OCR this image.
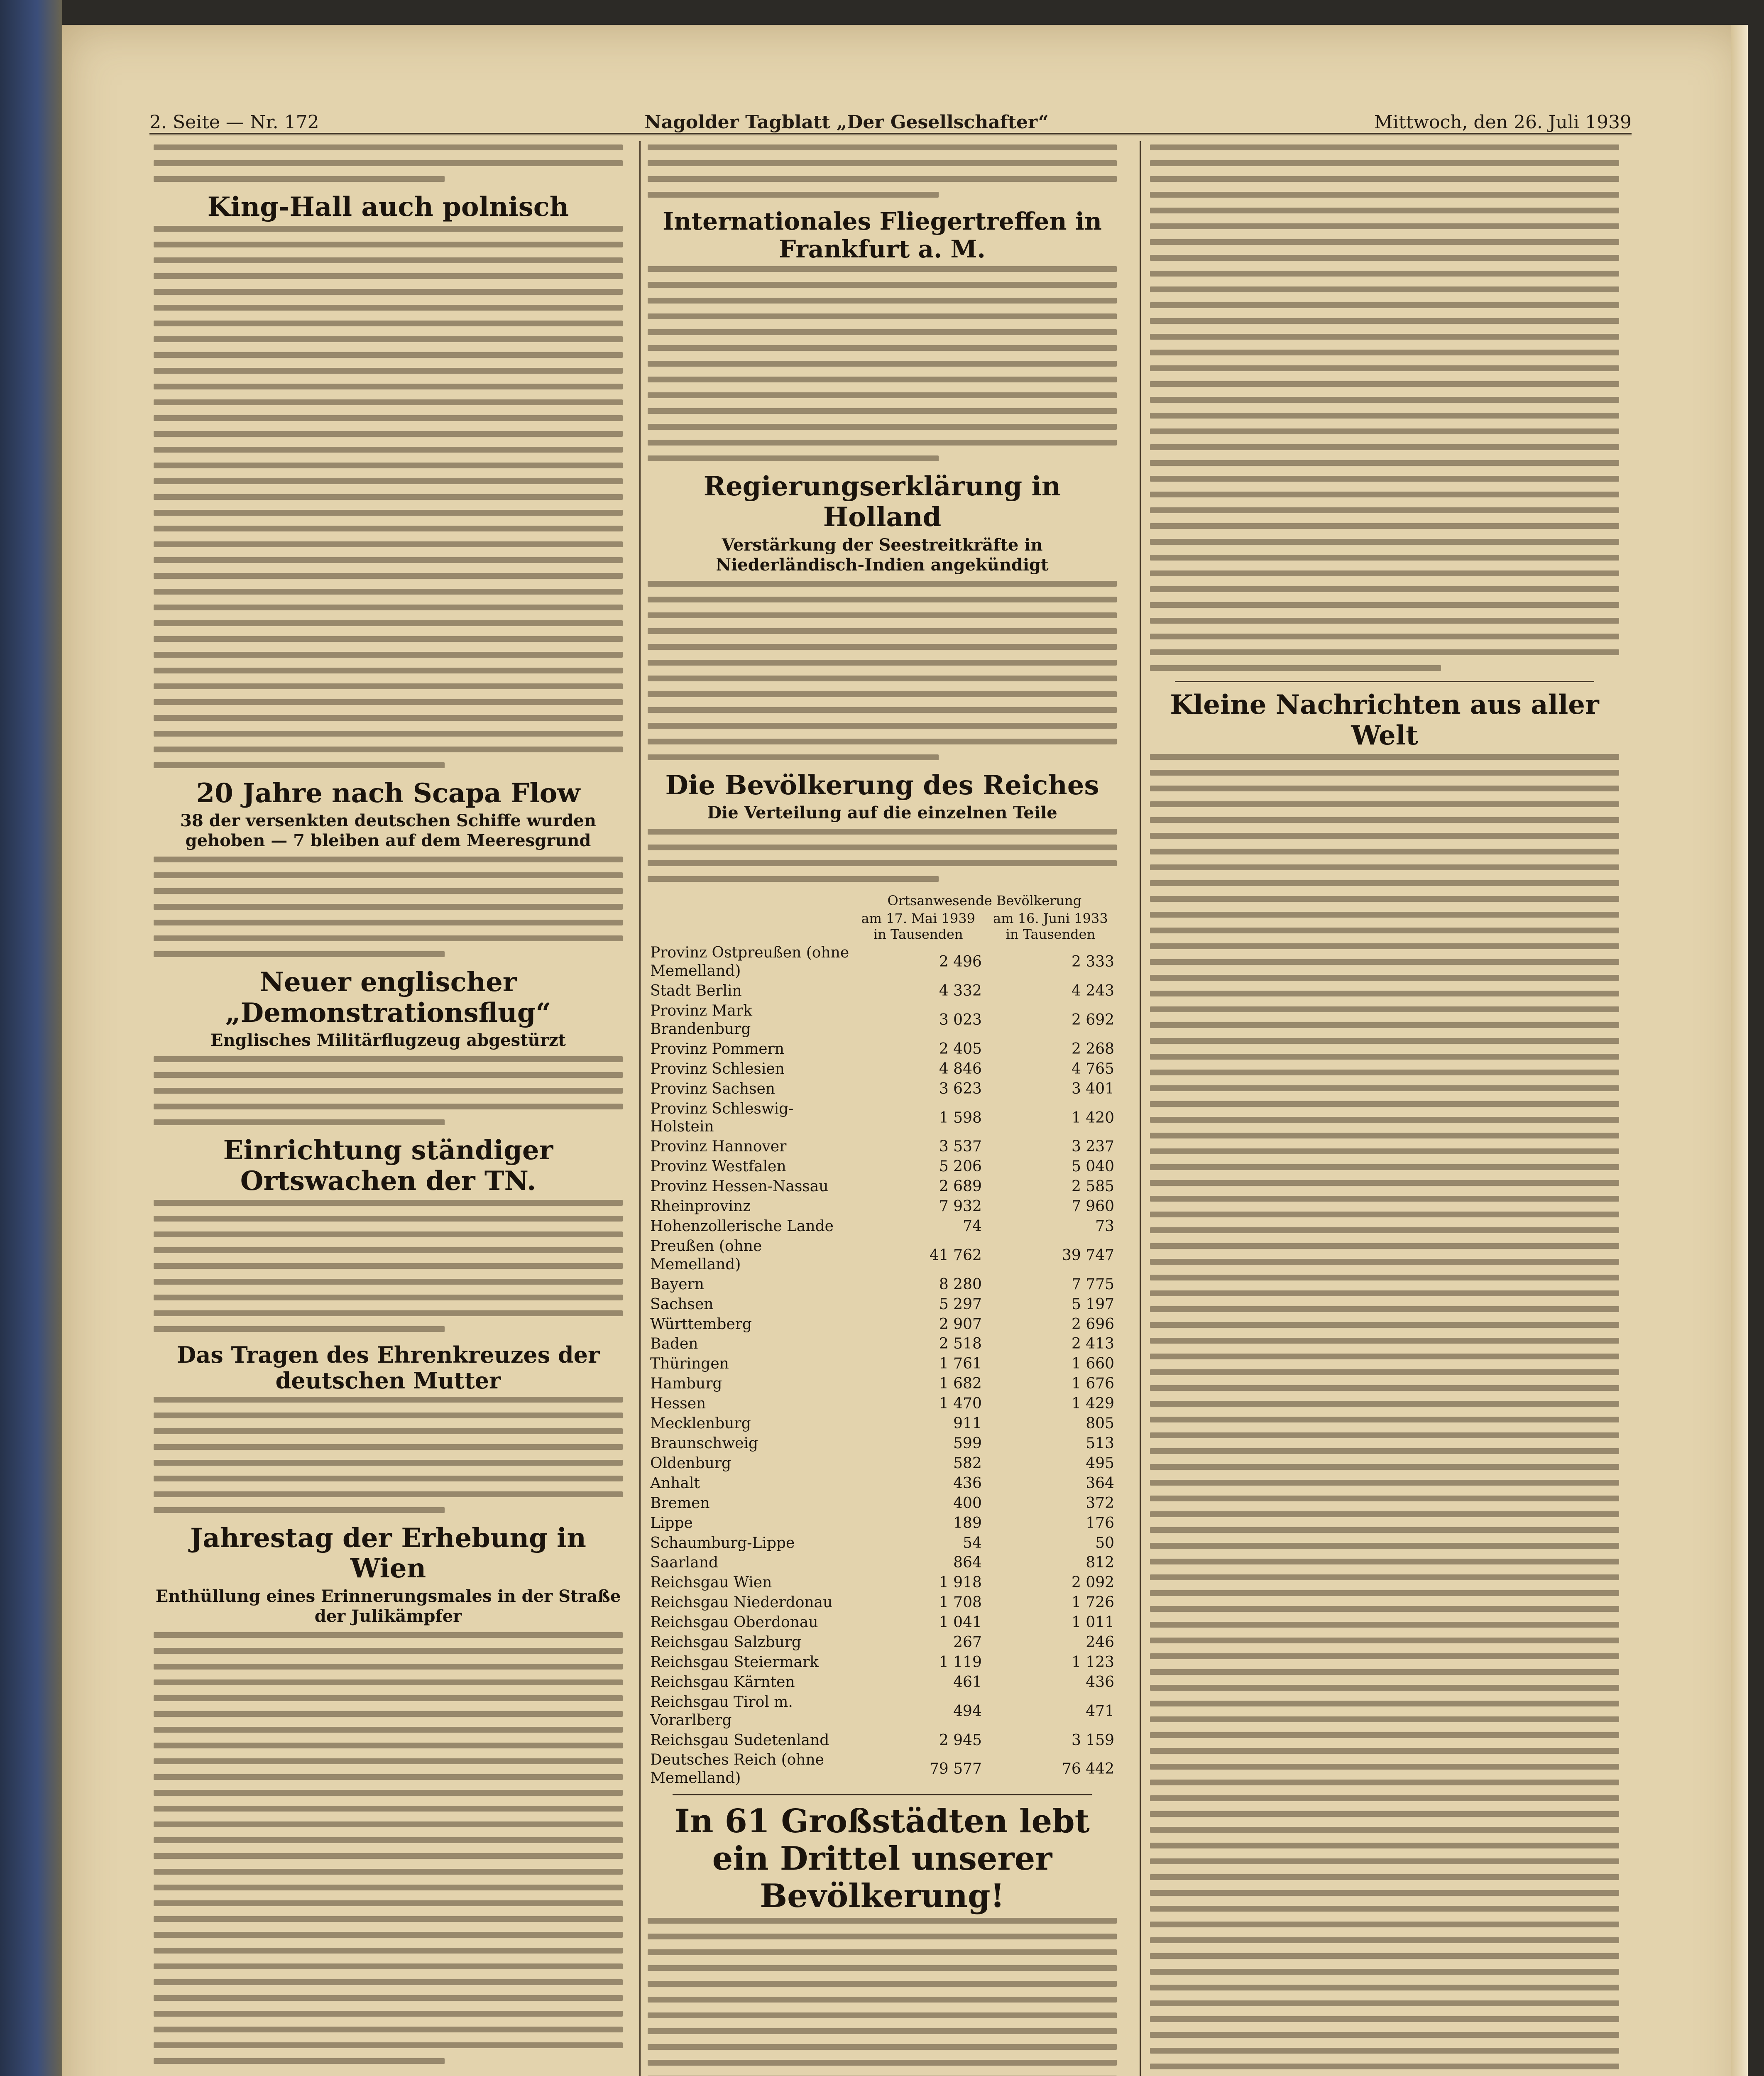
2. Seite — Nr. 172	Nagolder Tagblatt „Der Gesellschafter“	Mittwoch, den 26. Juli 1939
King-Hall auch polnisch
20 Jahre nach Scapa Flow
38 der versenkten deutschen Schiffe wurden gehoben — 7 bleiben auf dem Meeresgrund
Neuer englischer „Demonstrationsflug“
Englisches Militärflugzeug abgestürzt
Einrichtung ständiger Ortswachen der TN.
Das Tragen des Ehrenkreuzes der deutschen Mutter
Jahrestag der Erhebung in Wien
Enthüllung eines Erinnerungsmales in der Straße der Julikämpfer
Internationales Fliegertreffen in Frankfurt a. M.
Regierungserklärung in Holland
Verstärkung der Seestreitkräfte in Niederländisch-Indien angekündigt
Die Bevölkerung des Reiches
Die Verteilung auf die einzelnen Teile
	Ortsanwesende Bevölkerung	
	am 17. Mai 1939 in Tausenden	am 16. Juni 1933 in Tausenden
Provinz Ostpreußen (ohne Memelland)	2 496	2 333
Stadt Berlin	4 332	4 243
Provinz Mark Brandenburg	3 023	2 692
Provinz Pommern	2 405	2 268
Provinz Schlesien	4 846	4 765
Provinz Sachsen	3 623	3 401
Provinz Schleswig-Holstein	1 598	1 420
Provinz Hannover	3 537	3 237
Provinz Westfalen	5 206	5 040
Provinz Hessen-Nassau	2 689	2 585
Rheinprovinz	7 932	7 960
Hohenzollerische Lande	74	73
Preußen (ohne Memelland)	41 762	39 747
Bayern	8 280	7 775
Sachsen	5 297	5 197
Württemberg	2 907	2 696
Baden	2 518	2 413
Thüringen	1 761	1 660
Hamburg	1 682	1 676
Hessen	1 470	1 429
Mecklenburg	911	805
Braunschweig	599	513
Oldenburg	582	495
Anhalt	436	364
Bremen	400	372
Lippe	189	176
Schaumburg-Lippe	54	50
Saarland	864	812
Reichsgau Wien	1 918	2 092
Reichsgau Niederdonau	1 708	1 726
Reichsgau Oberdonau	1 041	1 011
Reichsgau Salzburg	267	246
Reichsgau Steiermark	1 119	1 123
Reichsgau Kärnten	461	436
Reichsgau Tirol m. Vorarlberg	494	471
Reichsgau Sudetenland	2 945	3 159
Deutsches Reich (ohne Memelland)	79 577	76 442
In 61 Großstädten lebt ein Drittel unserer Bevölkerung!
Kleine Nachrichten aus aller Welt
